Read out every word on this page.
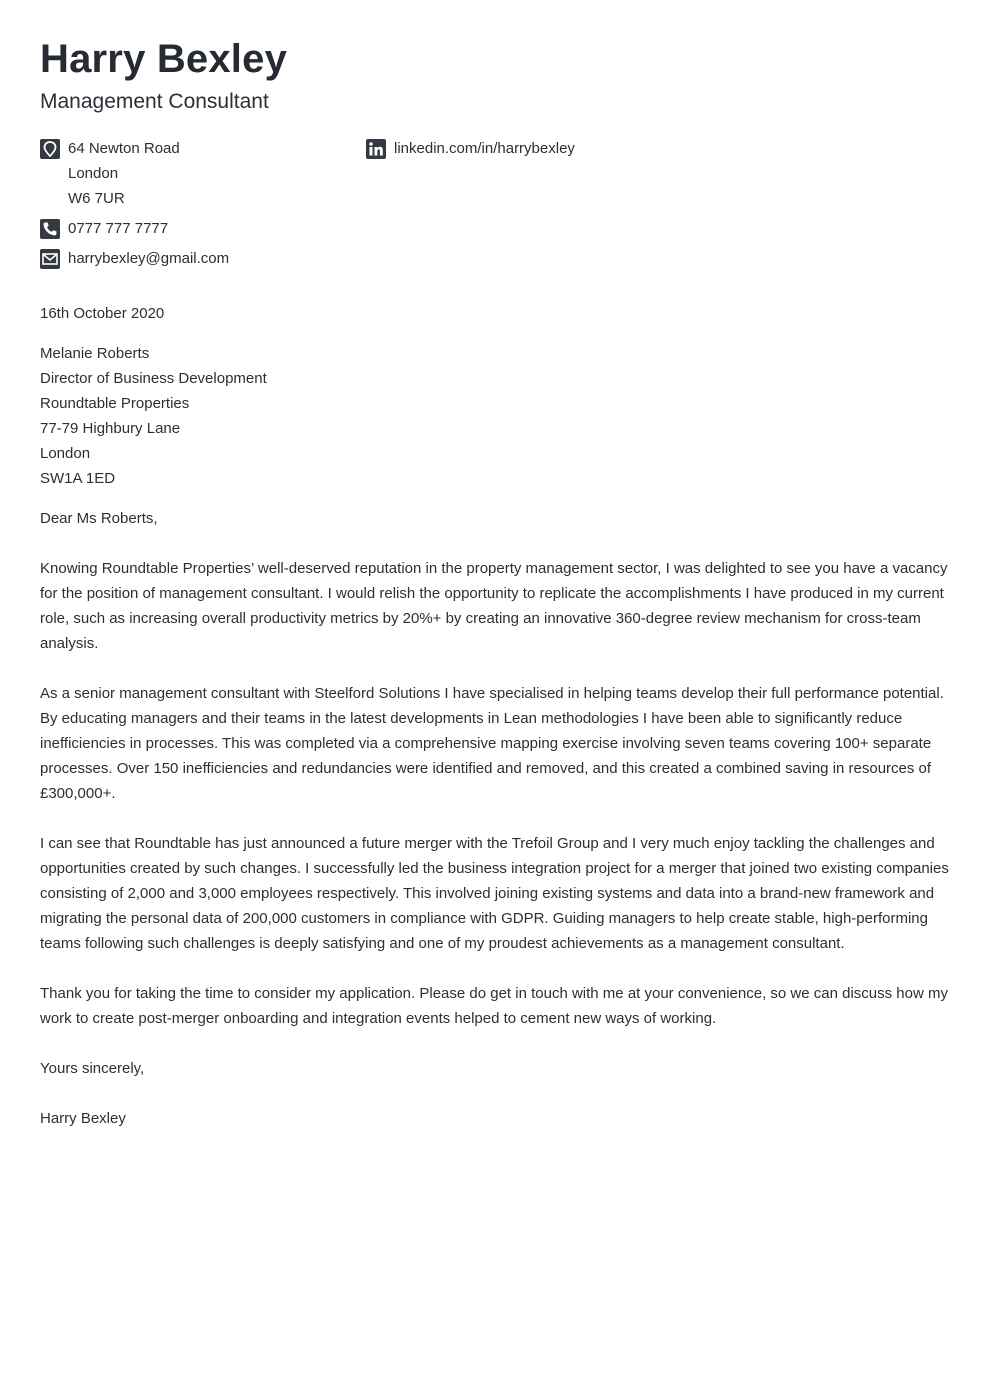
Harry Bexley
Management Consultant
64 Newton Road
London
W6 7UR
0777 777 7777
harrybexley@gmail.com
linkedin.com/in/harrybexley
16th October 2020
Melanie Roberts
Director of Business Development
Roundtable Properties
77-79 Highbury Lane
London
SW1A 1ED
Dear Ms Roberts,
Knowing Roundtable Properties’ well-deserved reputation in the property management sector, I was delighted to see you have a vacancy for the position of management consultant. I would relish the opportunity to replicate the accomplishments I have produced in my current role, such as increasing overall productivity metrics by 20%+ by creating an innovative 360-degree review mechanism for cross-team analysis.
As a senior management consultant with Steelford Solutions I have specialised in helping teams develop their full performance potential. By educating managers and their teams in the latest developments in Lean methodologies I have been able to significantly reduce inefficiencies in processes. This was completed via a comprehensive mapping exercise involving seven teams covering 100+ separate processes. Over 150 inefficiencies and redundancies were identified and removed, and this created a combined saving in resources of £300,000+.
I can see that Roundtable has just announced a future merger with the Trefoil Group and I very much enjoy tackling the challenges and opportunities created by such changes. I successfully led the business integration project for a merger that joined two existing companies consisting of 2,000 and 3,000 employees respectively. This involved joining existing systems and data into a brand-new framework and migrating the personal data of 200,000 customers in compliance with GDPR. Guiding managers to help create stable, high-performing teams following such challenges is deeply satisfying and one of my proudest achievements as a management consultant.
Thank you for taking the time to consider my application. Please do get in touch with me at your convenience, so we can discuss how my work to create post-merger onboarding and integration events helped to cement new ways of working.
Yours sincerely,
Harry Bexley
